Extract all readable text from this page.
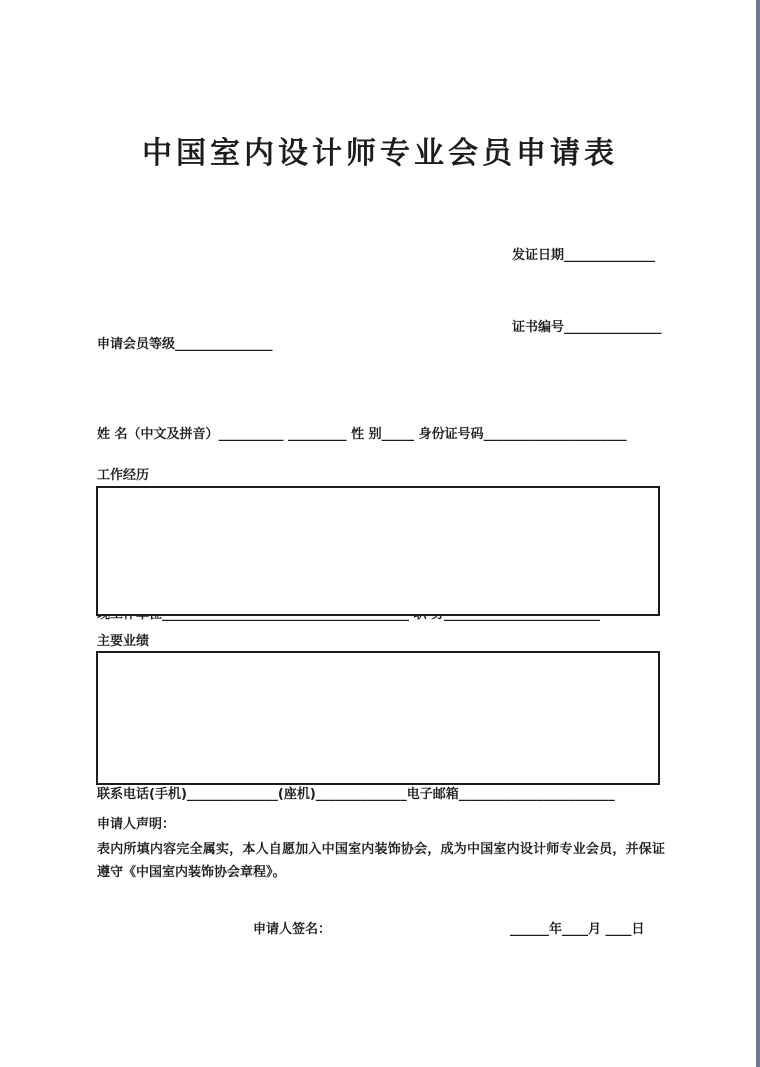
中国室内设计师专业会员申请表

发证日期______________

证书编号_______________

申请会员等级_______________

姓 名（中文及拼音）__________ _________ 性 别_____ 身份证号码______________________

联系电话(手机)______________(座机)______________电子邮箱________________________

工作经历
主要业绩

申请人声明：

表内所填内容完全属实，本人自愿加入中国室内装饰协会，成为中国室内设计师专业会员，并保证遵守《中国室内装饰协会章程》。

申请人签名：	______年____月 ____日
